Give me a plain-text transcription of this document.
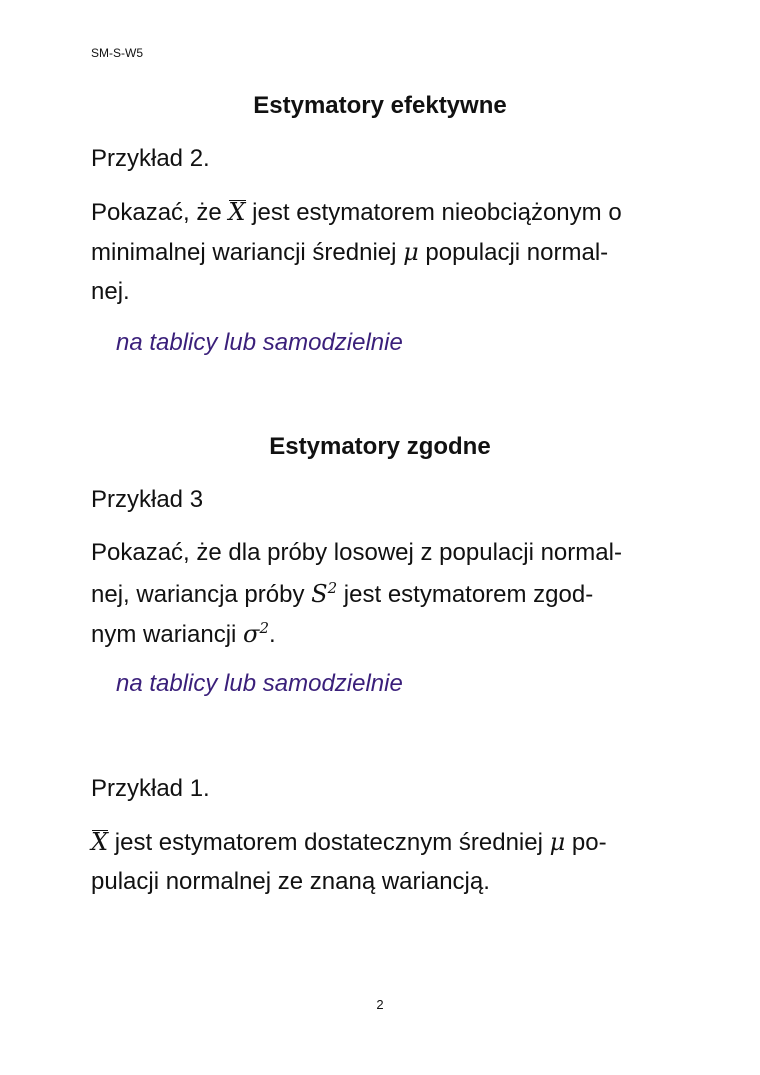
SM-S-W5
Estymatory efektywne
Przykład 2.
Pokazać, że X jest estymatorem nieobciążonym o
minimalnej wariancji średniej μ populacji normal-
nej.
na tablicy lub samodzielnie
Estymatory zgodne
Przykład 3
Pokazać, że dla próby losowej z populacji normal-
nej, wariancja próby $S^2$ jest estymatorem zgod-
nym wariancji $\sigma^2$.
na tablicy lub samodzielnie
Przykład 1.
X jest estymatorem dostatecznym średniej μ po-
pulacji normalnej ze znaną wariancją.
2
